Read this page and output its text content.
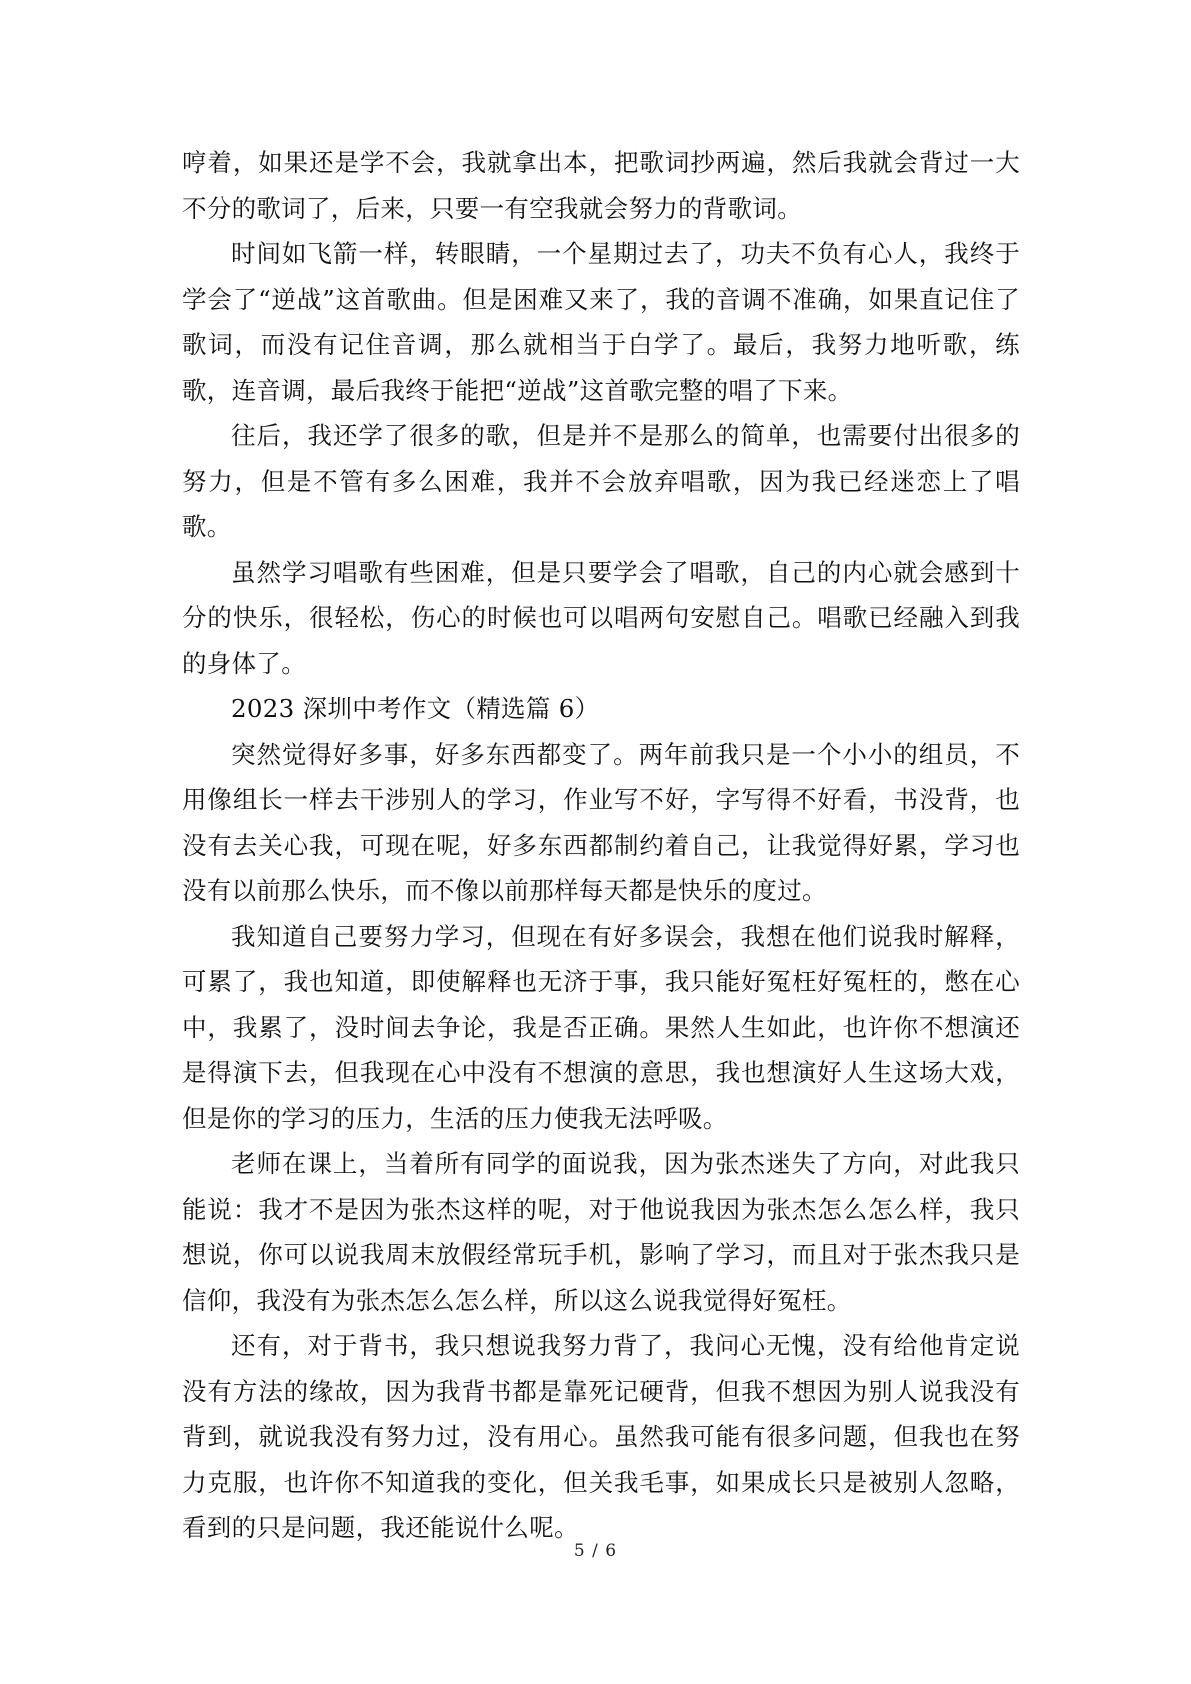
哼着，如果还是学不会，我就拿出本，把歌词抄两遍，然后我就会背过一大不分的歌词了，后来，只要一有空我就会努力的背歌词。

时间如飞箭一样，转眼睛，一个星期过去了，功夫不负有心人，我终于学会了“逆战”这首歌曲。但是困难又来了，我的音调不准确，如果直记住了歌词，而没有记住音调，那么就相当于白学了。最后，我努力地听歌，练歌，连音调，最后我终于能把“逆战”这首歌完整的唱了下来。

往后，我还学了很多的歌，但是并不是那么的简单，也需要付出很多的努力，但是不管有多么困难，我并不会放弃唱歌，因为我已经迷恋上了唱歌。

虽然学习唱歌有些困难，但是只要学会了唱歌，自己的内心就会感到十分的快乐，很轻松，伤心的时候也可以唱两句安慰自己。唱歌已经融入到我的身体了。

2023 深圳中考作文（精选篇 6）

突然觉得好多事，好多东西都变了。两年前我只是一个小小的组员，不用像组长一样去干涉别人的学习，作业写不好，字写得不好看，书没背，也没有去关心我，可现在呢，好多东西都制约着自己，让我觉得好累，学习也没有以前那么快乐，而不像以前那样每天都是快乐的度过。

我知道自己要努力学习，但现在有好多误会，我想在他们说我时解释，可累了，我也知道，即使解释也无济于事，我只能好冤枉好冤枉的，憋在心中，我累了，没时间去争论，我是否正确。果然人生如此，也许你不想演还是得演下去，但我现在心中没有不想演的意思，我也想演好人生这场大戏，但是你的学习的压力，生活的压力使我无法呼吸。

老师在课上，当着所有同学的面说我，因为张杰迷失了方向，对此我只能说：我才不是因为张杰这样的呢，对于他说我因为张杰怎么怎么样，我只想说，你可以说我周末放假经常玩手机，影响了学习，而且对于张杰我只是信仰，我没有为张杰怎么怎么样，所以这么说我觉得好冤枉。

还有，对于背书，我只想说我努力背了，我问心无愧，没有给他肯定说没有方法的缘故，因为我背书都是靠死记硬背，但我不想因为别人说我没有背到，就说我没有努力过，没有用心。虽然我可能有很多问题，但我也在努力克服，也许你不知道我的变化，但关我毛事，如果成长只是被别人忽略，看到的只是问题，我还能说什么呢。

5 / 6
